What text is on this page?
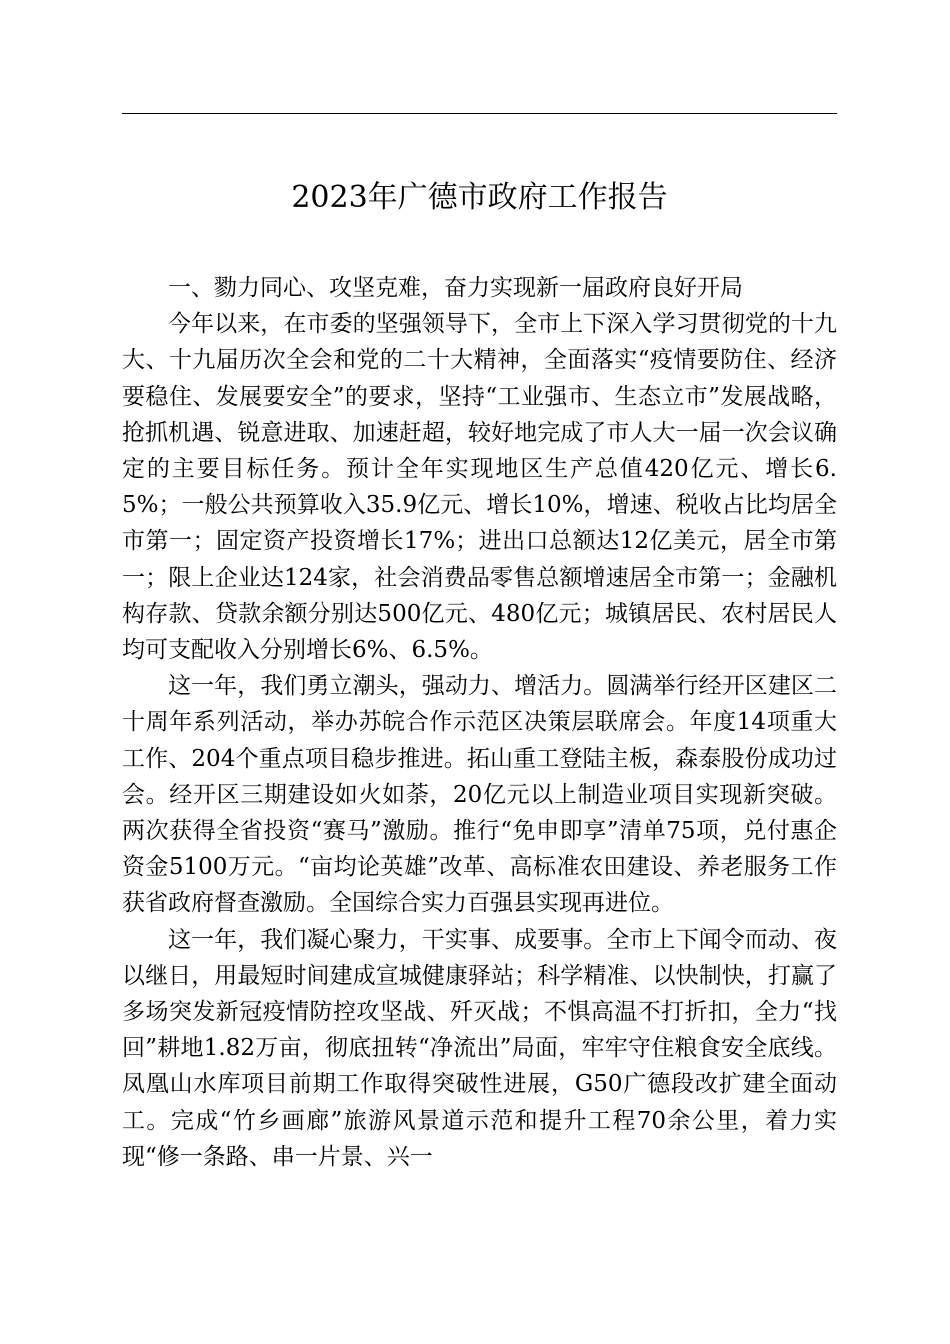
2023年广德市政府工作报告

一、勠力同心、攻坚克难，奋力实现新一届政府良好开局

今年以来，在市委的坚强领导下，全市上下深入学习贯彻党的十九大、十九届历次全会和党的二十大精神，全面落实“疫情要防住、经济要稳住、发展要安全”的要求，坚持“工业强市、生态立市”发展战略，抢抓机遇、锐意进取、加速赶超，较好地完成了市人大一届一次会议确定的主要目标任务。预计全年实现地区生产总值420亿元、增长6.5%；一般公共预算收入35.9亿元、增长10%，增速、税收占比均居全市第一；固定资产投资增长17%；进出口总额达12亿美元，居全市第一；限上企业达124家，社会消费品零售总额增速居全市第一；金融机构存款、贷款余额分别达500亿元、480亿元；城镇居民、农村居民人均可支配收入分别增长6%、6.5%。

这一年，我们勇立潮头，强动力、增活力。圆满举行经开区建区二十周年系列活动，举办苏皖合作示范区决策层联席会。年度14项重大工作、204个重点项目稳步推进。拓山重工登陆主板，森泰股份成功过会。经开区三期建设如火如荼，20亿元以上制造业项目实现新突破。两次获得全省投资“赛马”激励。推行“免申即享”清单75项，兑付惠企资金5100万元。“亩均论英雄”改革、高标准农田建设、养老服务工作获省政府督查激励。全国综合实力百强县实现再进位。

这一年，我们凝心聚力，干实事、成要事。全市上下闻令而动、夜以继日，用最短时间建成宣城健康驿站；科学精准、以快制快，打赢了多场突发新冠疫情防控攻坚战、歼灭战；不惧高温不打折扣，全力“找回”耕地1.82万亩，彻底扭转“净流出”局面，牢牢守住粮食安全底线。凤凰山水库项目前期工作取得突破性进展，G50广德段改扩建全面动工。完成“竹乡画廊”旅游风景道示范和提升工程70余公里，着力实现“修一条路、串一片景、兴一
